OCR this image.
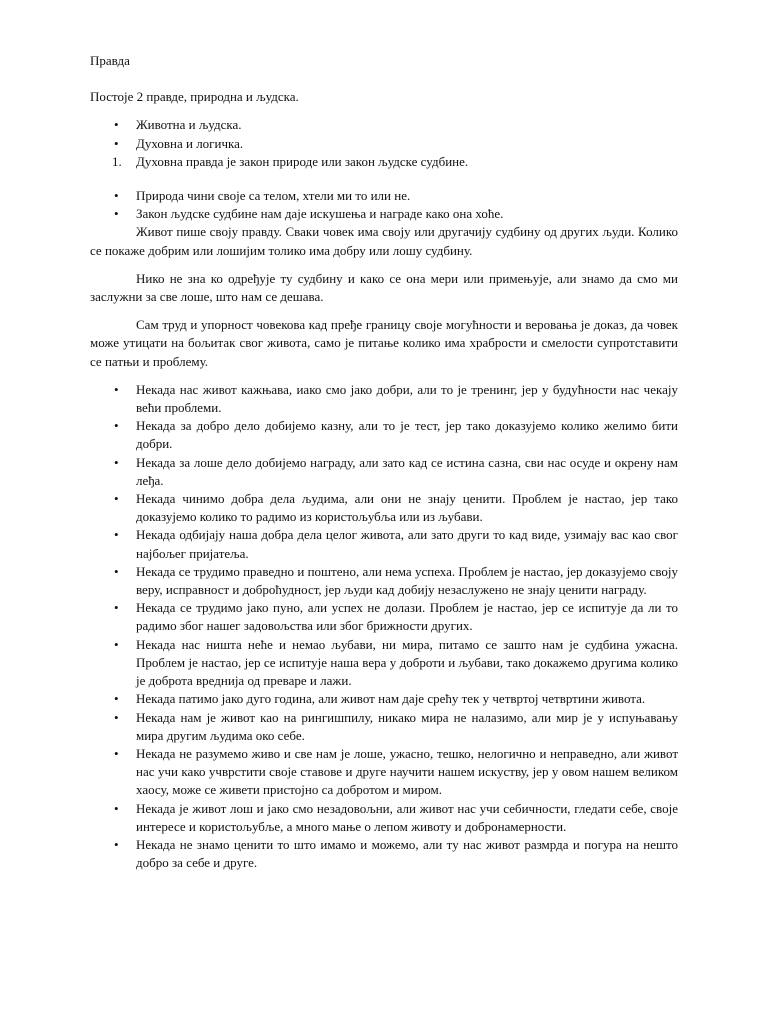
Правда
Постоје 2 правде, природна и људска.
• Животна и људска.
• Духовна и логичка.
1. Духовна правда је закон природе или закон људске судбине.
• Природа чини своје са телом, хтели ми то или не.
• Закон људске судбине нам даје искушења и награде како она хоће.

Живот пише своју правду. Сваки човек има своју или другачију судбину од других људи. Колико се покаже добрим или лошијим толико има добру или лошу судбину.

Нико не зна ко одређује ту судбину и како се она мери или примењује, али знамо да смо ми заслужни за све лоше, што нам се дешава.

Сам труд и упорност човекова кад пређе границу своје могућности и веровања је доказ, да човек може утицати на бољитак свог живота, само је питање колико има храбрости и смелости супротставити се патњи и проблему.

• Некада нас живот кажњава, иако смо јако добри, али то је тренинг, јер у будућности нас чекају већи проблеми.
• Некада за добро дело добијемо казну, али то је тест, јер тако доказујемо колико желимо бити добри.
• Некада за лоше дело добијемо награду, али зато кад се истина сазна, сви нас осуде и окрену нам леђа.
• Некада чинимо добра дела људима, али они не знају ценити. Проблем је настао, јер тако доказујемо колико то радимо из користољубља или из љубави.
• Некада одбијају наша добра дела целог живота, али зато други то кад виде, узимају вас као свог најбољег пријатеља.
• Некада се трудимо праведно и поштено, али нема успеха. Проблем је настао, јер доказујемо своју веру, исправност и доброћудност, јер људи кад добију незаслужено не знају ценити награду.
• Некада се трудимо јако пуно, али успех не долази. Проблем је настао, јер се испитује да ли то радимо због нашег задовољства или због брижности других.
• Некада нас ништа неће и немао љубави, ни мира, питамо се зашто нам је судбина ужасна. Проблем је настао, јер се испитује наша вера у доброти и љубави, тако докажемо другима колико је доброта вреднија од преваре и лажи.
• Некада патимо јако дуго година, али живот нам даје срећу тек у четвртој четвртини живота.
• Некада нам је живот као на рингишпилу, никако мира не налазимо, али мир је у испуњавању мира другим људима око себе.
• Некада не разумемо живо и све нам је лоше, ужасно, тешко, нелогично и неправедно, али живот нас учи како учврстити своје ставове и друге научити нашем искуству, јер у овом нашем великом хаосу, може се живети пристојно са добротом и миром.
• Некада је живот лош и јако смо незадовољни, али живот нас учи себичности, гледати себе, своје интересе и користољубље, а много мање о лепом животу и добронамерности.
• Некада не знамо ценити то што имамо и можемо, али ту нас живот размрда и погура на нешто добро за себе и друге.
